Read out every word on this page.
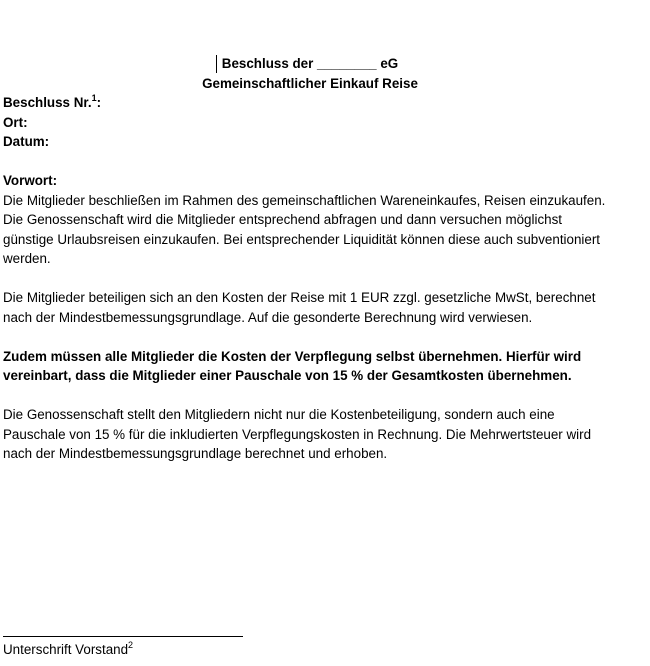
Beschluss der ________ eG
Gemeinschaftlicher Einkauf Reise
Beschluss Nr.$^1$:
Ort:
Datum:

Vorwort:

Die Mitglieder beschließen im Rahmen des gemeinschaftlichen Wareneinkaufes, Reisen einzukaufen. Die Genossenschaft wird die Mitglieder entsprechend abfragen und dann versuchen möglichst günstige Urlaubsreisen einzukaufen. Bei entsprechender Liquidität können diese auch subventioniert werden.

Die Mitglieder beteiligen sich an den Kosten der Reise mit 1 EUR zzgl. gesetzliche MwSt, berechnet nach der Mindestbemessungsgrundlage. Auf die gesonderte Berechnung wird verwiesen.

Zudem müssen alle Mitglieder die Kosten der Verpflegung selbst übernehmen. Hierfür wird vereinbart, dass die Mitglieder einer Pauschale von 15 % der Gesamtkosten übernehmen.

Die Genossenschaft stellt den Mitgliedern nicht nur die Kostenbeteiligung, sondern auch eine Pauschale von 15 % für die inkludierten Verpflegungskosten in Rechnung. Die Mehrwertsteuer wird nach der Mindestbemessungsgrundlage berechnet und erhoben.

Unterschrift Vorstand$^2$
